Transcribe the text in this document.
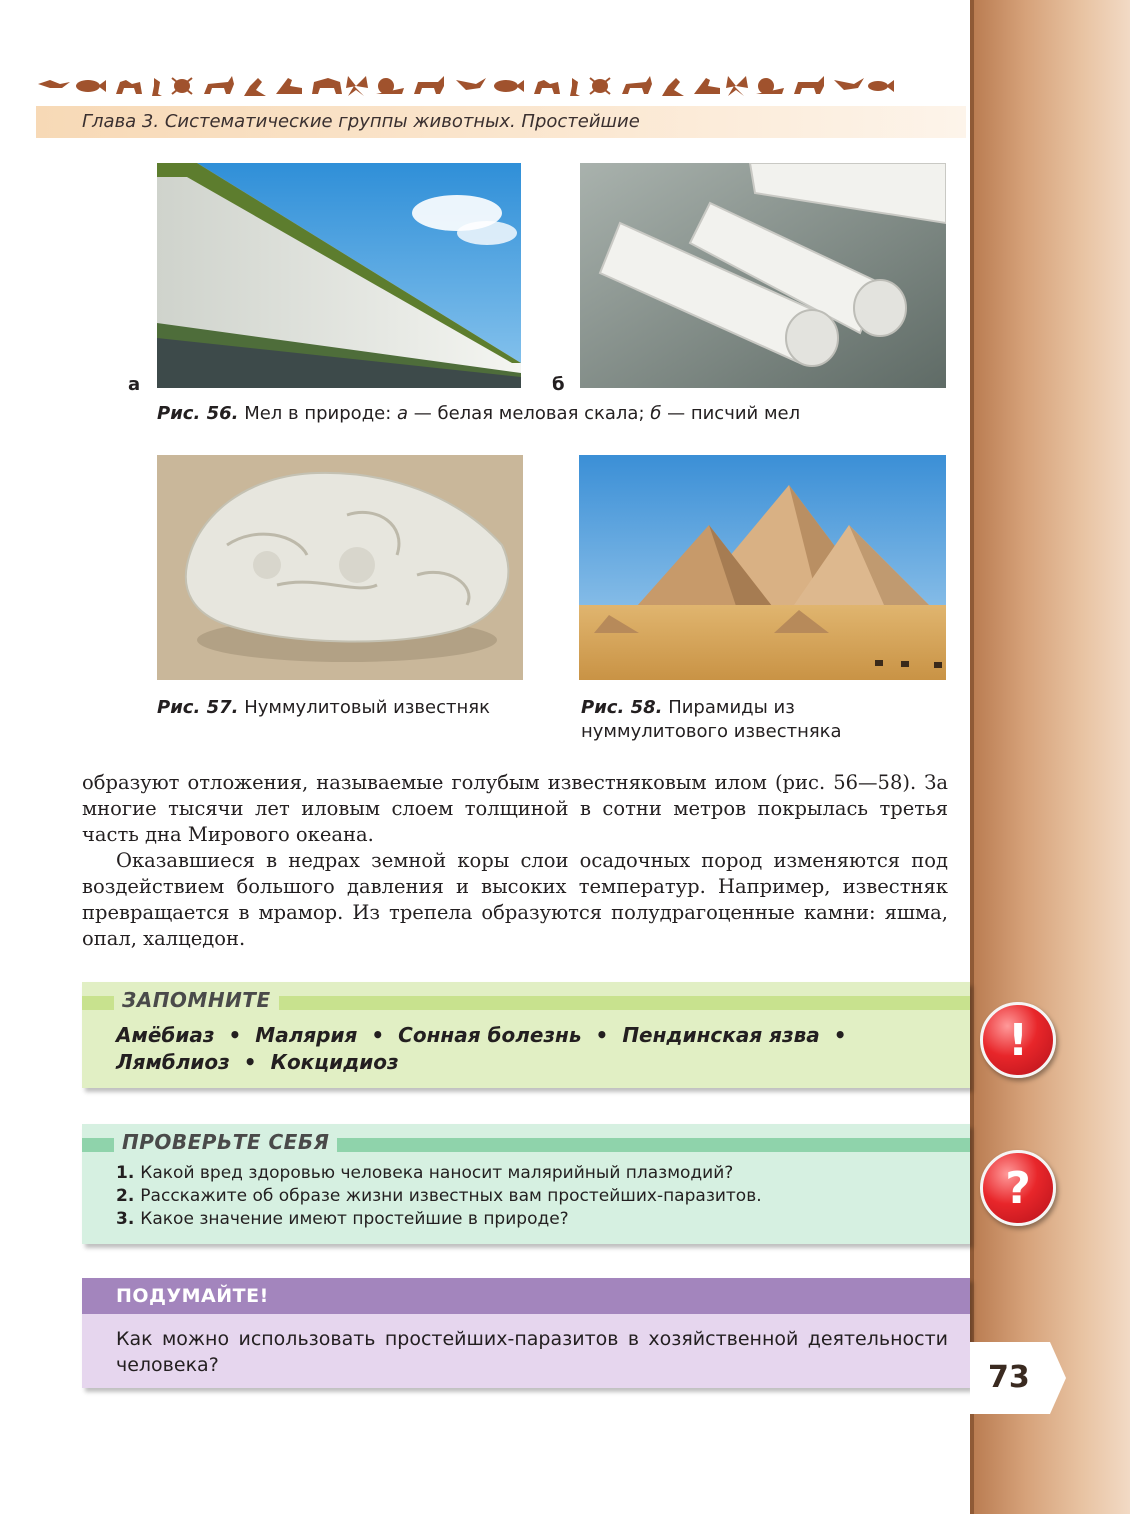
Глава 3. Систематические группы животных. Простейшие
а	б
Рис. 56. Мел в природе: а — белая меловая скала; б — писчий мел
Рис. 57. Нуммулитовый известняк	Рис. 58. Пирамиды из
нуммулитового известняка

образуют отложения, называемые голубым известняковым илом (рис. 56—58). За многие тысячи лет иловым слоем толщиной в сотни метров покрылась третья часть дна Мирового океана.

Оказавшиеся в недрах земной коры слои осадочных пород изменяются под воздействием большого давления и высоких температур. Например, известняк превращается в мрамор. Из трепела образуются полудрагоценные камни: яшма, опал, халцедон.

ЗАПОМНИТЕ
Амёбиаз • Малярия • Сонная болезнь • Пендинская язва •
Лямблиоз • Кокцидиоз	!
ПРОВЕРЬТЕ СЕБЯ
1. Какой вред здоровью человека наносит малярийный плазмодий?
2. Расскажите об образе жизни известных вам простейших-паразитов.
3. Какое значение имеют простейшие в природе?
?
ПОДУМАЙТЕ!
Как можно использовать простейших-паразитов в хозяйственной деятельности человека?	73
